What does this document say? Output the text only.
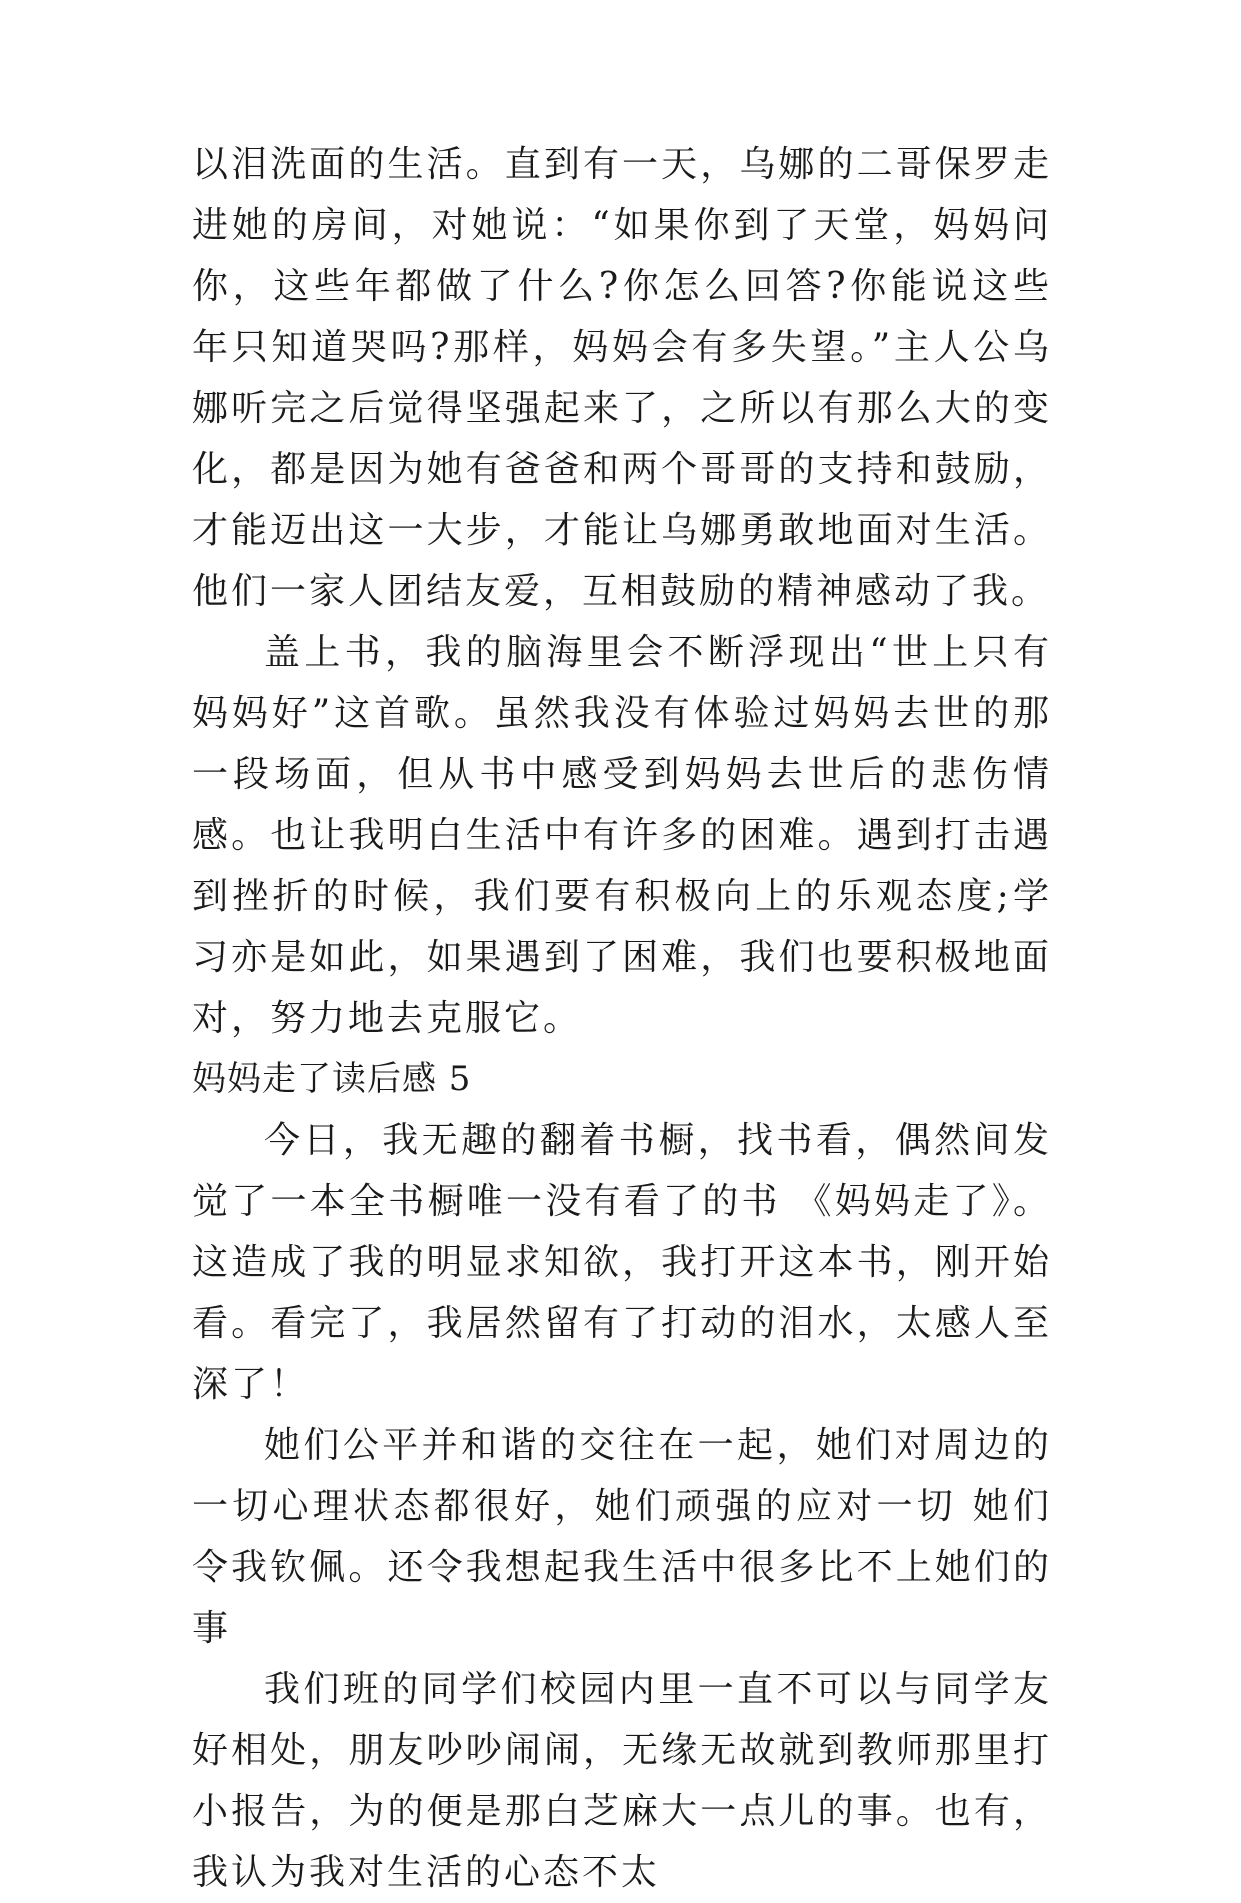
以泪洗面的生活。直到有一天，乌娜的二哥保罗走进她的房间，对她说：“如果你到了天堂，妈妈问你，这些年都做了什么?你怎么回答?你能说这些年只知道哭吗?那样，妈妈会有多失望。”主人公乌娜听完之后觉得坚强起来了，之所以有那么大的变化，都是因为她有爸爸和两个哥哥的支持和鼓励，才能迈出这一大步，才能让乌娜勇敢地面对生活。他们一家人团结友爱，互相鼓励的精神感动了我。

盖上书，我的脑海里会不断浮现出“世上只有妈妈好”这首歌。虽然我没有体验过妈妈去世的那一段场面，但从书中感受到妈妈去世后的悲伤情感。也让我明白生活中有许多的困难。遇到打击遇到挫折的时候，我们要有积极向上的乐观态度;学习亦是如此，如果遇到了困难，我们也要积极地面对，努力地去克服它。

妈妈走了读后感 5

今日，我无趣的翻着书橱，找书看，偶然间发觉了一本全书橱唯一没有看了的书 《妈妈走了》。这造成了我的明显求知欲，我打开这本书，刚开始看。看完了，我居然留有了打动的泪水，太感人至深了！

她们公平并和谐的交往在一起，她们对周边的一切心理状态都很好，她们顽强的应对一切 她们令我钦佩。还令我想起我生活中很多比不上她们的事

我们班的同学们校园内里一直不可以与同学友好相处，朋友吵吵闹闹，无缘无故就到教师那里打小报告，为的便是那白芝麻大一点儿的事。也有，我认为我对生活的心态不太
